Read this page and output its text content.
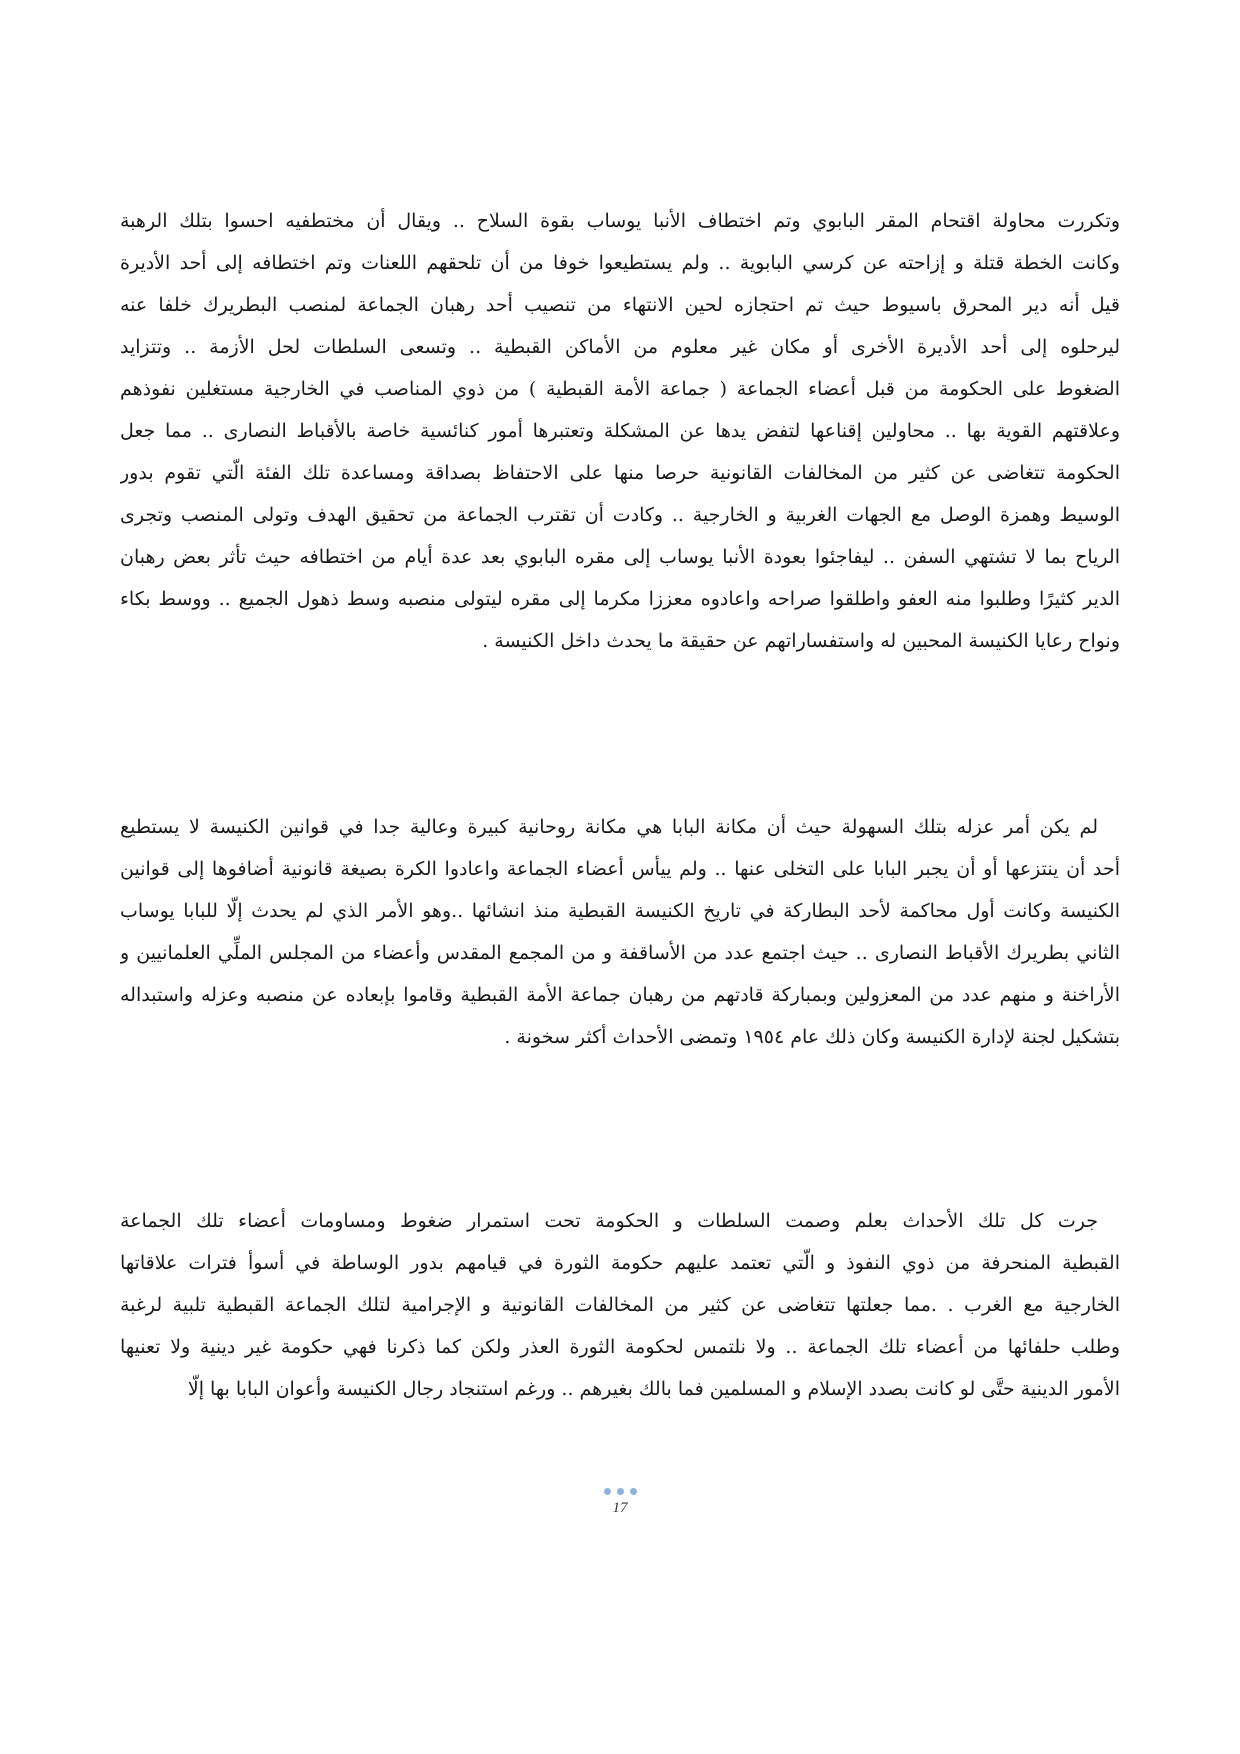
وتكررت محاولة اقتحام المقر البابوي وتم اختطاف الأنبا يوساب بقوة السلاح .. ويقال أن مختطفيه احسوا بتلك الرهبة
وكانت الخطة قتلة و إزاحته عن كرسي البابوية .. ولم يستطيعوا خوفا من أن تلحقهم اللعنات وتم اختطافه إلى أحد الأديرة
قيل أنه دير المحرق باسيوط حيث تم احتجازه لحين الانتهاء من تنصيب أحد رهبان الجماعة لمنصب البطريرك خلفا عنه
ليرحلوه إلى أحد الأديرة الأخرى أو مكان غير معلوم من الأماكن القبطية .. وتسعى السلطات لحل الأزمة .. وتتزايد
الضغوط على الحكومة من قبل أعضاء الجماعة ( جماعة الأمة القبطية ) من ذوي المناصب في الخارجية مستغلين نفوذهم
وعلاقتهم القوية بها .. محاولين إقناعها لتفض يدها عن المشكلة وتعتبرها أمور كنائسية خاصة بالأقباط النصارى .. مما جعل
الحكومة تتغاضى عن كثير من المخالفات القانونية حرصا منها على الاحتفاظ بصداقة ومساعدة تلك الفئة الّتي تقوم بدور
الوسيط وهمزة الوصل مع الجهات الغربية و الخارجية .. وكادت أن تقترب الجماعة من تحقيق الهدف وتولى المنصب وتجرى
الرياح بما لا تشتهي السفن .. ليفاجئوا بعودة الأنبا يوساب إلى مقره البابوي بعد عدة أيام من اختطافه حيث تأثر بعض رهبان
الدير كثيرًا وطلبوا منه العفو واطلقوا صراحه واعادوه معززا مكرما إلى مقره ليتولى منصبه وسط ذهول الجميع .. ووسط بكاء
ونواح رعايا الكنيسة المحبين له واستفساراتهم عن حقيقة ما يحدث داخل الكنيسة .
لم يكن أمر عزله بتلك السهولة حيث أن مكانة البابا هي مكانة روحانية كبيرة وعالية جدا في قوانين الكنيسة لا يستطيع
أحد أن ينتزعها أو أن يجبر البابا على التخلى عنها .. ولم ييأس أعضاء الجماعة واعادوا الكرة بصيغة قانونية أضافوها إلى قوانين
الكنيسة وكانت أول محاكمة لأحد البطاركة في تاريخ الكنيسة القبطية منذ انشائها ..وهو الأمر الذي لم يحدث إلّا للبابا يوساب
الثاني بطريرك الأقباط النصارى .. حيث اجتمع عدد من الأساقفة و من المجمع المقدس وأعضاء من المجلس الملِّي العلمانيين و
الأراخنة و منهم عدد من المعزولين وبمباركة قادتهم من رهبان جماعة الأمة القبطية وقاموا بإبعاده عن منصبه وعزله واستبداله
بتشكيل لجنة لإدارة الكنيسة وكان ذلك عام ١٩٥٤ وتمضى الأحداث أكثر سخونة .
جرت كل تلك الأحداث بعلم وصمت السلطات و الحكومة تحت استمرار ضغوط ومساومات أعضاء تلك الجماعة
القبطية المنحرفة من ذوي النفوذ و الّتي تعتمد عليهم حكومة الثورة في قيامهم بدور الوساطة في أسوأ فترات علاقاتها
الخارجية مع الغرب . .مما جعلتها تتغاضى عن كثير من المخالفات القانونية و الإجرامية لتلك الجماعة القبطية تلبية لرغبة
وطلب حلفائها من أعضاء تلك الجماعة .. ولا نلتمس لحكومة الثورة العذر ولكن كما ذكرنا فهي حكومة غير دينية ولا تعنيها
الأمور الدينية حتَّى لو كانت بصدد الإسلام و المسلمين فما بالك بغيرهم .. ورغم استنجاد رجال الكنيسة وأعوان البابا بها إلّا
17
